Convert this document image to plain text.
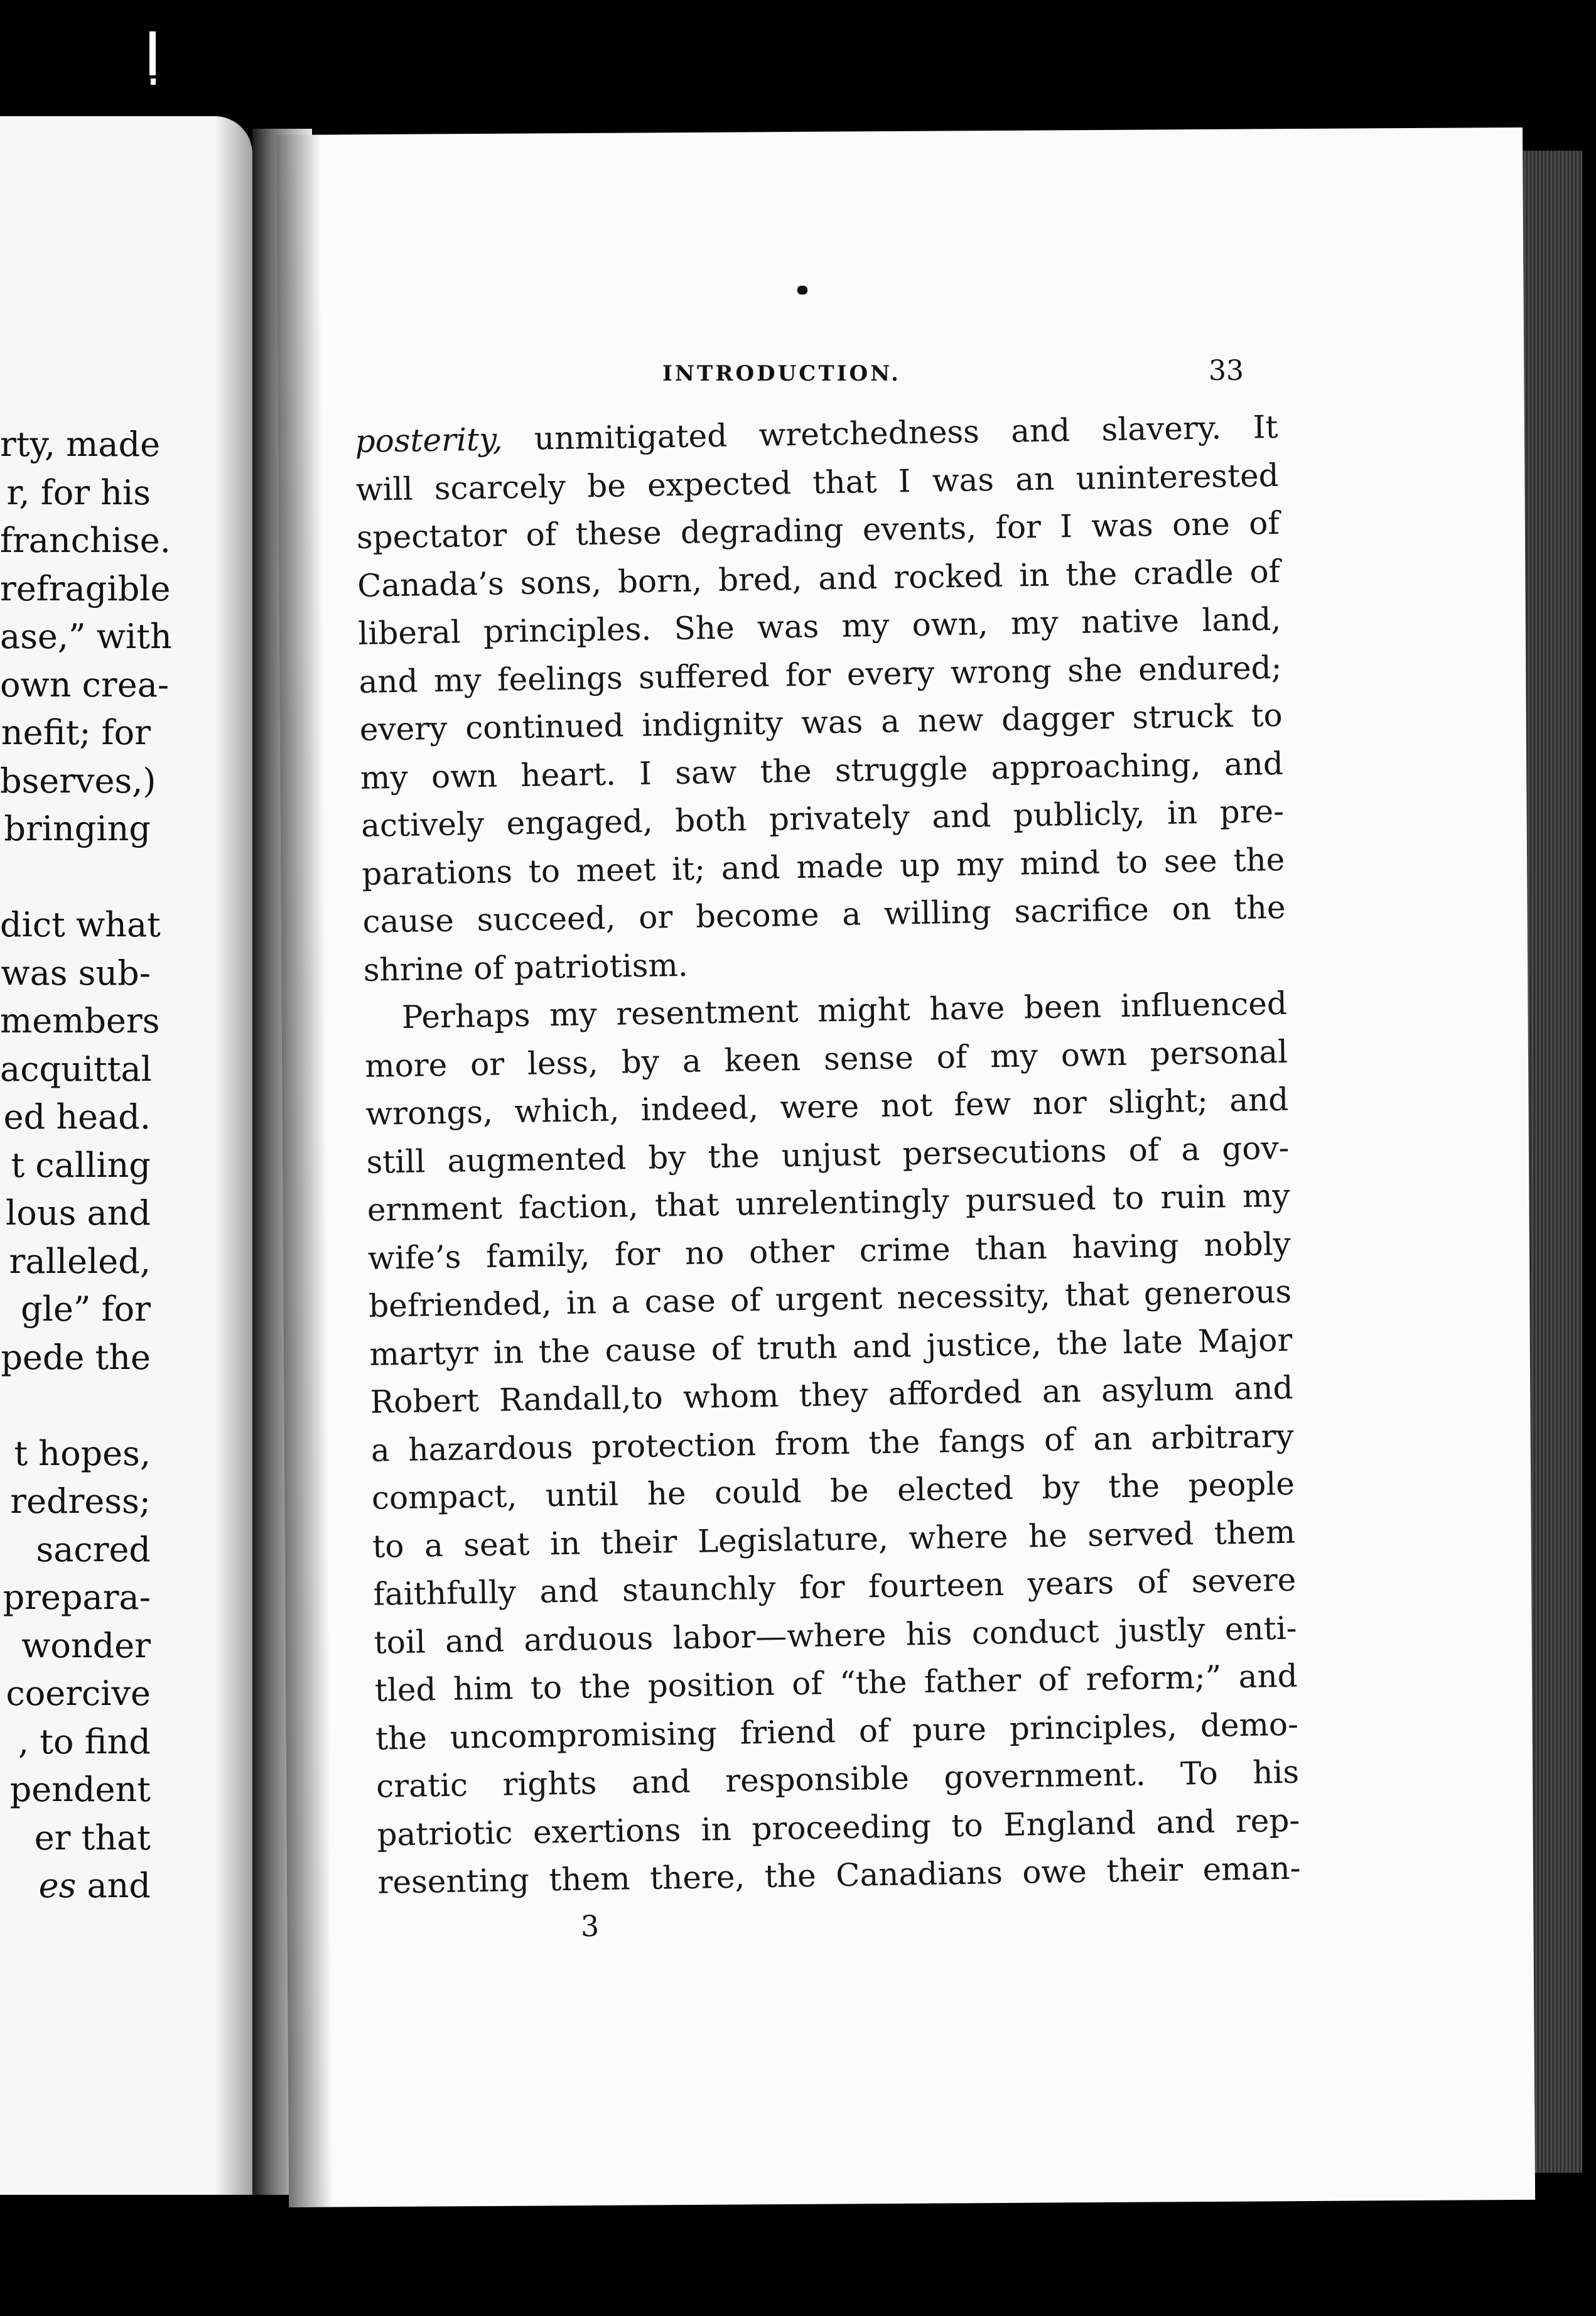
rty, made
r, for his
franchise.
refragible
ase,” with
own crea-
nefit; for
bserves,)
bringing
dict what
was sub-
members
acquittal
ed head.
t calling
lous and
ralleled,
gle” for
pede the
t hopes,
redress;
sacred
prepara-
wonder
coercive
, to find
pendent
er that
es and
INTRODUCTION.	33
posterity, unmitigated wretchedness and slavery. It
will scarcely be expected that I was an uninterested
spectator of these degrading events, for I was one of
Canada’s sons, born, bred, and rocked in the cradle of
liberal principles. She was my own, my native land,
and my feelings suffered for every wrong she endured;
every continued indignity was a new dagger struck to
my own heart. I saw the struggle approaching, and
actively engaged, both privately and publicly, in pre-
parations to meet it; and made up my mind to see the
cause succeed, or become a willing sacrifice on the
shrine of patriotism.
Perhaps my resentment might have been influenced
more or less, by a keen sense of my own personal
wrongs, which, indeed, were not few nor slight; and
still augmented by the unjust persecutions of a gov-
ernment faction, that unrelentingly pursued to ruin my
wife’s family, for no other crime than having nobly
befriended, in a case of urgent necessity, that generous
martyr in the cause of truth and justice, the late Major
Robert Randall,to whom they afforded an asylum and
a hazardous protection from the fangs of an arbitrary
compact, until he could be elected by the people
to a seat in their Legislature, where he served them
faithfully and staunchly for fourteen years of severe
toil and arduous labor—where his conduct justly enti-
tled him to the position of “the father of reform;” and
the uncompromising friend of pure principles, demo-
cratic rights and responsible government. To his
patriotic exertions in proceeding to England and rep-
resenting them there, the Canadians owe their eman-
3
